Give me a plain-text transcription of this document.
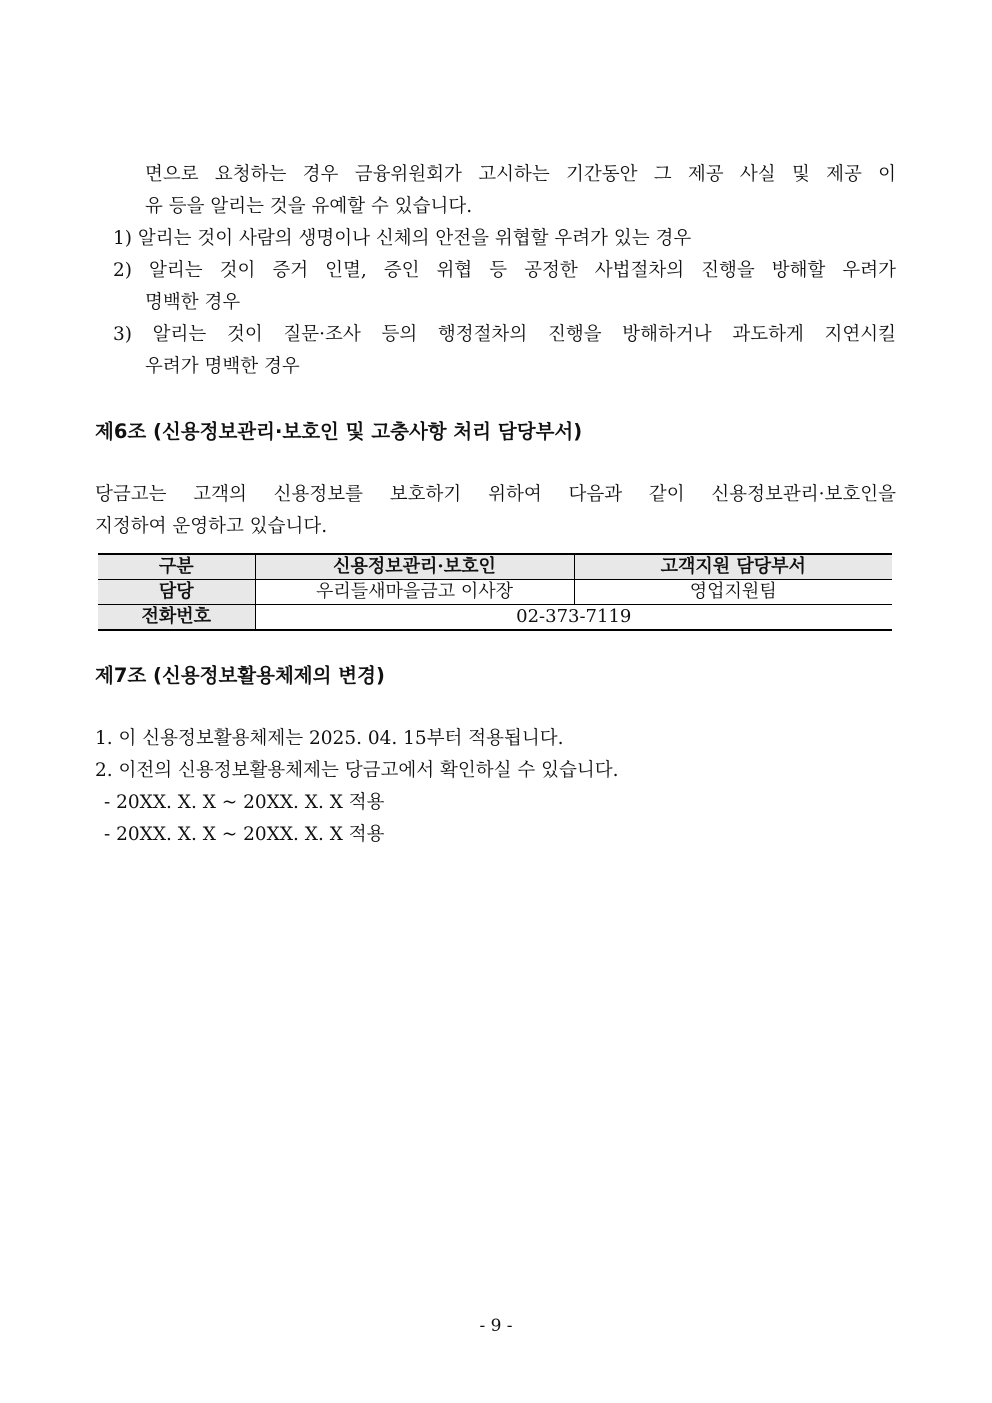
면으로 요청하는 경우 금융위원회가 고시하는 기간동안 그 제공 사실 및 제공 이
유 등을 알리는 것을 유예할 수 있습니다.
1) 알리는 것이 사람의 생명이나 신체의 안전을 위협할 우려가 있는 경우
2) 알리는 것이 증거 인멸, 증인 위협 등 공정한 사법절차의 진행을 방해할 우려가
명백한 경우
3) 알리는 것이 질문·조사 등의 행정절차의 진행을 방해하거나 과도하게 지연시킬
우려가 명백한 경우
제6조 (신용정보관리·보호인 및 고충사항 처리 담당부서)
당금고는 고객의 신용정보를 보호하기 위하여 다음과 같이 신용정보관리·보호인을
지정하여 운영하고 있습니다.
구분	신용정보관리·보호인	고객지원 담당부서
담당	우리들새마을금고 이사장	영업지원팀
전화번호	02-373-7119	
제7조 (신용정보활용체제의 변경)
1. 이 신용정보활용체제는 2025. 04. 15부터 적용됩니다.
2. 이전의 신용정보활용체제는 당금고에서 확인하실 수 있습니다.
- 20XX. X. X ~ 20XX. X. X 적용
- 20XX. X. X ~ 20XX. X. X 적용
- 9 -
